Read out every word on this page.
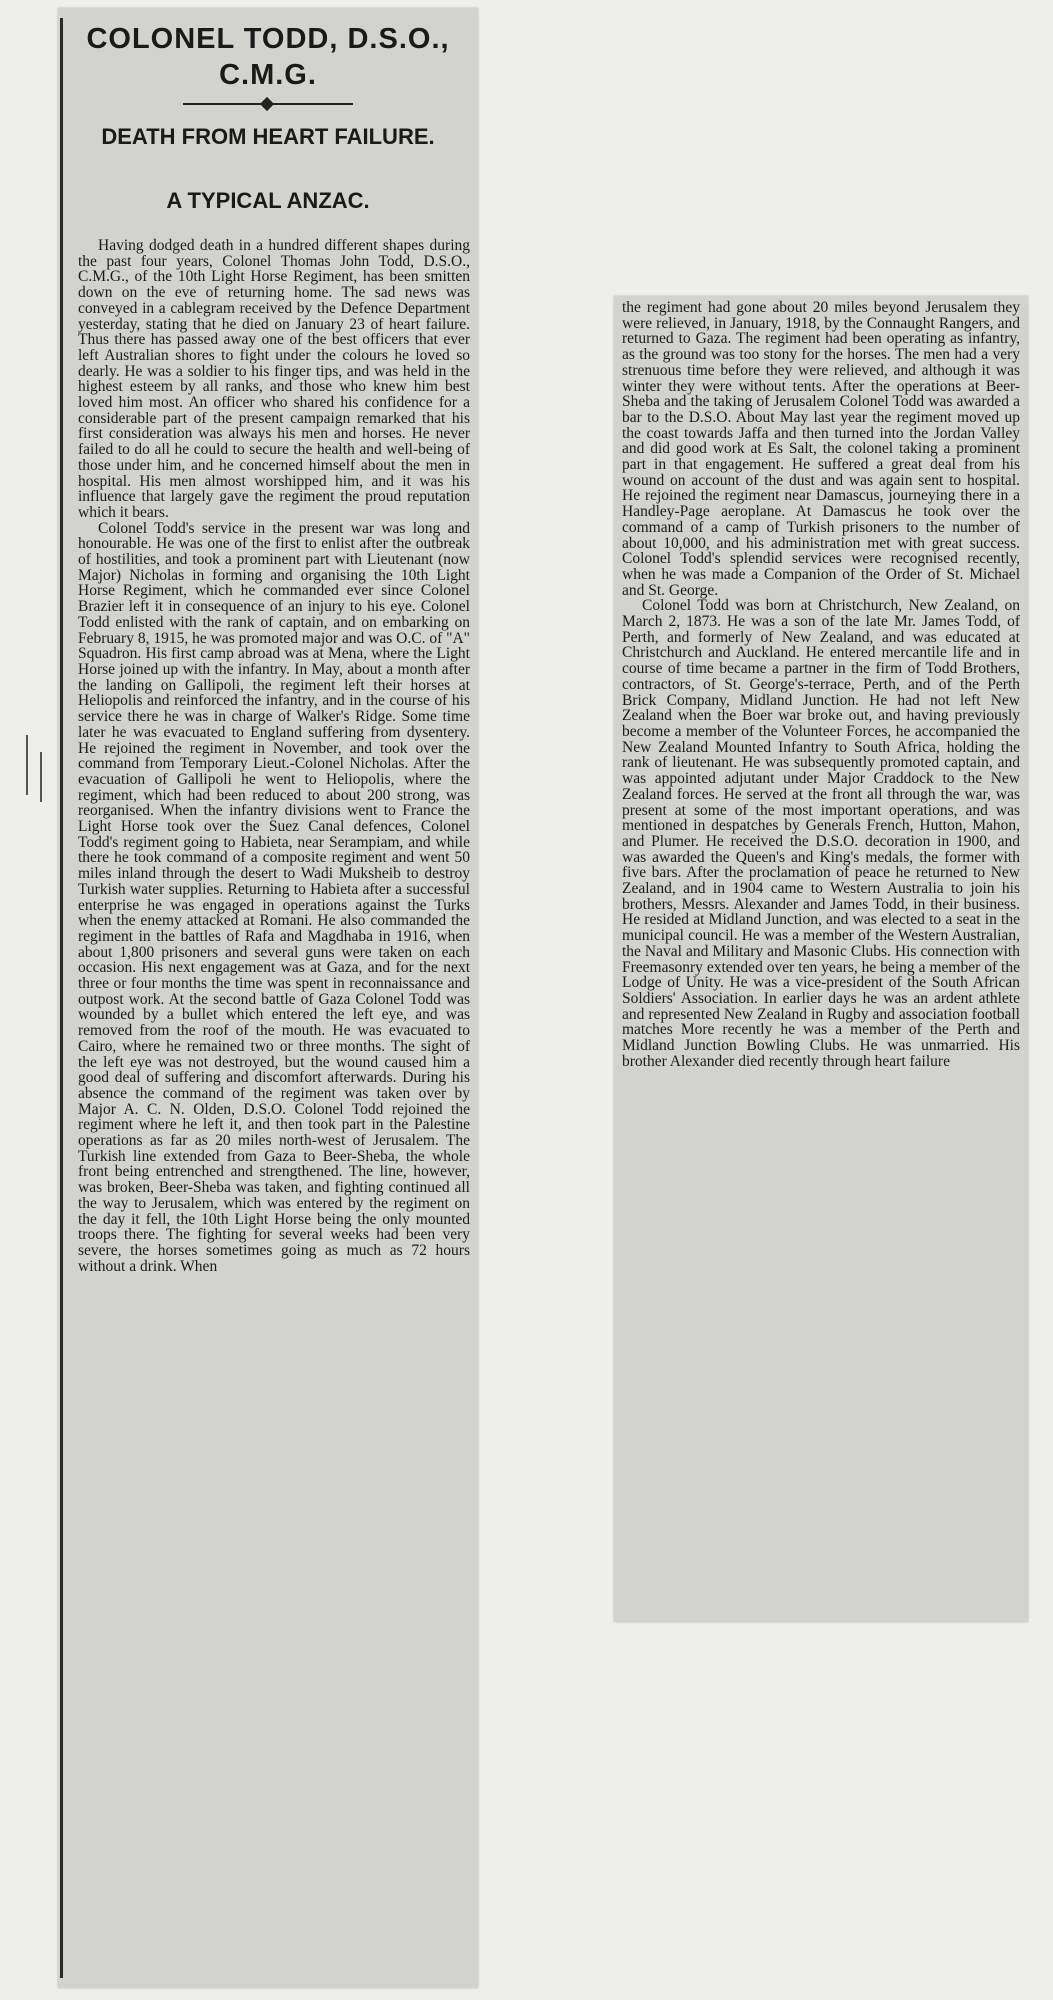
COLONEL TODD, D.S.O.,
C.M.G.
DEATH FROM HEART FAILURE.
A TYPICAL ANZAC.

Having dodged death in a hundred different shapes during the past four years, Colonel Thomas John Todd, D.S.O., C.M.G., of the 10th Light Horse Regiment, has been smitten down on the eve of returning home. The sad news was conveyed in a cablegram received by the Defence Department yesterday, stating that he died on January 23 of heart failure. Thus there has passed away one of the best officers that ever left Australian shores to fight under the colours he loved so dearly. He was a soldier to his finger tips, and was held in the highest esteem by all ranks, and those who knew him best loved him most. An officer who shared his confidence for a considerable part of the present campaign remarked that his first consideration was always his men and horses. He never failed to do all he could to secure the health and well-being of those under him, and he concerned himself about the men in hospital. His men almost worshipped him, and it was his influence that largely gave the regiment the proud reputation which it bears.

Colonel Todd's service in the present war was long and honourable. He was one of the first to enlist after the outbreak of hostilities, and took a prominent part with Lieutenant (now Major) Nicholas in forming and organising the 10th Light Horse Regiment, which he commanded ever since Colonel Brazier left it in consequence of an injury to his eye. Colonel Todd enlisted with the rank of captain, and on embarking on February 8, 1915, he was promoted major and was O.C. of "A" Squadron. His first camp abroad was at Mena, where the Light Horse joined up with the infantry. In May, about a month after the landing on Gallipoli, the regiment left their horses at Heliopolis and reinforced the infantry, and in the course of his service there he was in charge of Walker's Ridge. Some time later he was evacuated to England suffering from dysentery. He rejoined the regiment in November, and took over the command from Temporary Lieut.-Colonel Nicholas. After the evacuation of Gallipoli he went to Heliopolis, where the regiment, which had been reduced to about 200 strong, was reorganised. When the infantry divisions went to France the Light Horse took over the Suez Canal defences, Colonel Todd's regiment going to Habieta, near Serampiam, and while there he took command of a composite regiment and went 50 miles inland through the desert to Wadi Muksheib to destroy Turkish water supplies. Returning to Habieta after a successful enterprise he was engaged in operations against the Turks when the enemy attacked at Romani. He also commanded the regiment in the battles of Rafa and Magdhaba in 1916, when about 1,800 prisoners and several guns were taken on each occasion. His next engagement was at Gaza, and for the next three or four months the time was spent in reconnaissance and outpost work. At the second battle of Gaza Colonel Todd was wounded by a bullet which entered the left eye, and was removed from the roof of the mouth. He was evacuated to Cairo, where he remained two or three months. The sight of the left eye was not destroyed, but the wound caused him a good deal of suffering and discomfort afterwards. During his absence the command of the regiment was taken over by Major A. C. N. Olden, D.S.O. Colonel Todd rejoined the regiment where he left it, and then took part in the Palestine operations as far as 20 miles north-west of Jerusalem. The Turkish line extended from Gaza to Beer-Sheba, the whole front being entrenched and strengthened. The line, however, was broken, Beer-Sheba was taken, and fighting continued all the way to Jerusalem, which was entered by the regiment on the day it fell, the 10th Light Horse being the only mounted troops there. The fighting for several weeks had been very severe, the horses sometimes going as much as 72 hours without a drink. When

the regiment had gone about 20 miles beyond Jerusalem they were relieved, in January, 1918, by the Connaught Rangers, and returned to Gaza. The regiment had been operating as infantry, as the ground was too stony for the horses. The men had a very strenuous time before they were relieved, and although it was winter they were without tents. After the operations at Beer-Sheba and the taking of Jerusalem Colonel Todd was awarded a bar to the D.S.O. About May last year the regiment moved up the coast towards Jaffa and then turned into the Jordan Valley and did good work at Es Salt, the colonel taking a prominent part in that engagement. He suffered a great deal from his wound on account of the dust and was again sent to hospital. He rejoined the regiment near Damascus, journeying there in a Handley-Page aeroplane. At Damascus he took over the command of a camp of Turkish prisoners to the number of about 10,000, and his administration met with great success. Colonel Todd's splendid services were recognised recently, when he was made a Companion of the Order of St. Michael and St. George.

Colonel Todd was born at Christchurch, New Zealand, on March 2, 1873. He was a son of the late Mr. James Todd, of Perth, and formerly of New Zealand, and was educated at Christchurch and Auckland. He entered mercantile life and in course of time became a partner in the firm of Todd Brothers, contractors, of St. George's-terrace, Perth, and of the Perth Brick Company, Midland Junction. He had not left New Zealand when the Boer war broke out, and having previously become a member of the Volunteer Forces, he accompanied the New Zealand Mounted Infantry to South Africa, holding the rank of lieutenant. He was subsequently promoted captain, and was appointed adjutant under Major Craddock to the New Zealand forces. He served at the front all through the war, was present at some of the most important operations, and was mentioned in despatches by Generals French, Hutton, Mahon, and Plumer. He received the D.S.O. decoration in 1900, and was awarded the Queen's and King's medals, the former with five bars. After the proclamation of peace he returned to New Zealand, and in 1904 came to Western Australia to join his brothers, Messrs. Alexander and James Todd, in their business. He resided at Midland Junction, and was elected to a seat in the municipal council. He was a member of the Western Australian, the Naval and Military and Masonic Clubs. His connection with Freemasonry extended over ten years, he being a member of the Lodge of Unity. He was a vice-president of the South African Soldiers' Association. In earlier days he was an ardent athlete and represented New Zealand in Rugby and association football matches More recently he was a member of the Perth and Midland Junction Bowling Clubs. He was unmarried. His brother Alexander died recently through heart failure
